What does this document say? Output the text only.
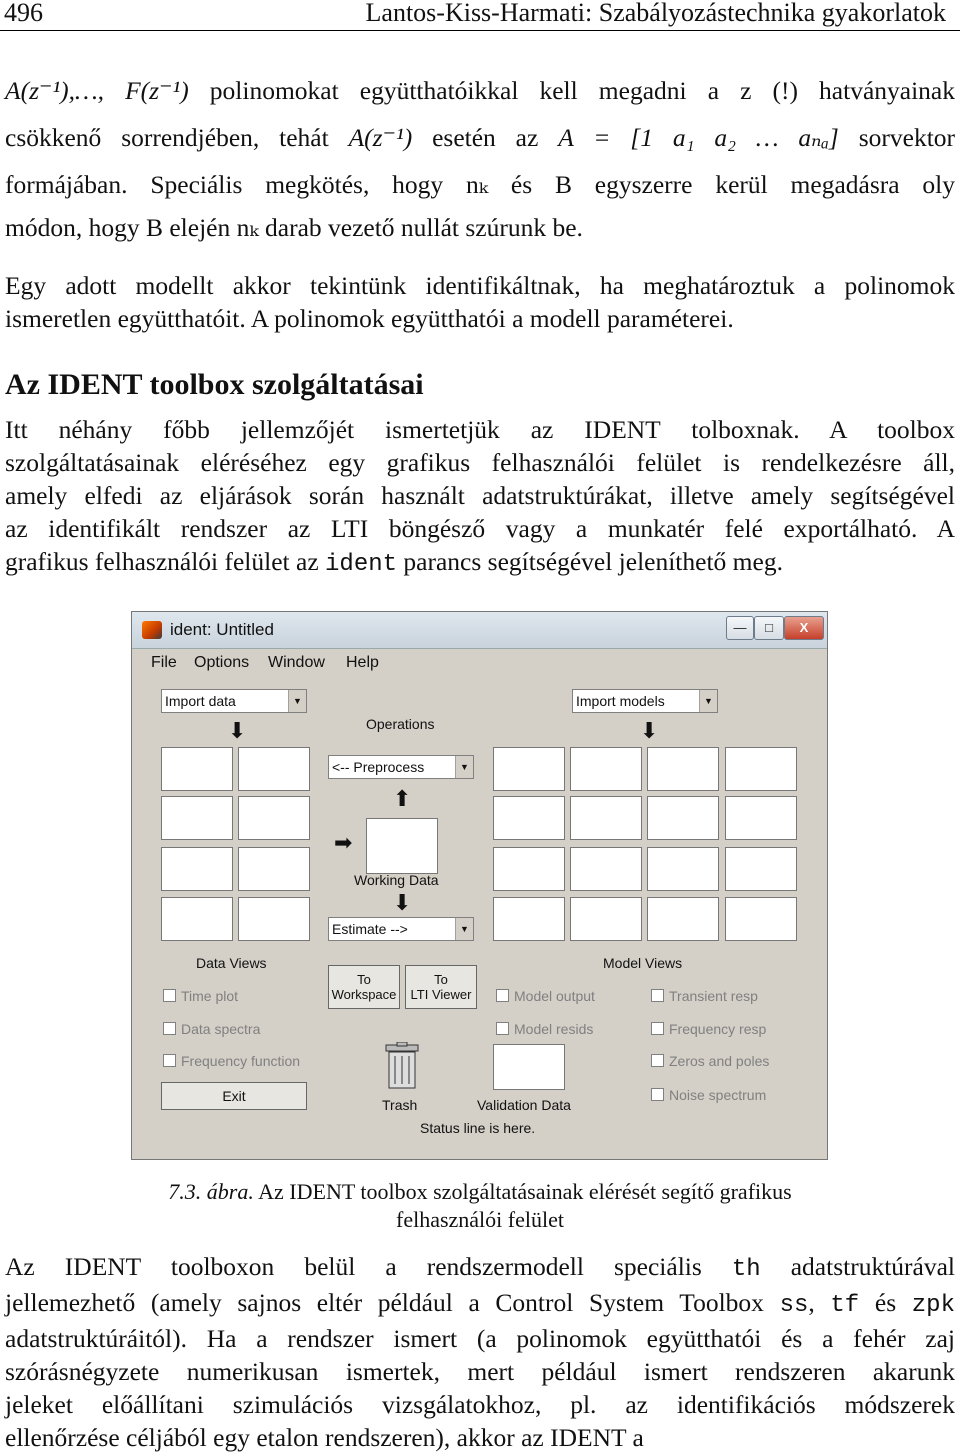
496	Lantos-Kiss-Harmati: Szabályozástechnika gyakorlatok
A(z⁻¹),…, F(z⁻¹) polinomokat együtthatóikkal kell megadni a z (!) hatványainak
csökkenő sorrendjében, tehát A(z⁻¹) esetén az A = [1 a₁ a₂ … aₙₐ] sorvektor
formájában. Speciális megkötés, hogy nₖ és B egyszerre kerül megadásra oly
módon, hogy B elején nₖ darab vezető nullát szúrunk be.
Egy adott modellt akkor tekintünk identifikáltnak, ha meghatároztuk a polinomok
ismeretlen együtthatóit. A polinomok együtthatói a modell paraméterei.
Az IDENT toolbox szolgáltatásai
Itt néhány főbb jellemzőjét ismertetjük az IDENT tolboxnak. A toolbox
szolgáltatásainak eléréséhez egy grafikus felhasználói felület is rendelkezésre áll,
amely elfedi az eljárások során használt adatstruktúrákat, illetve amely segítségével
az identifikált rendszer az LTI böngésző vagy a munkatér felé exportálható. A
grafikus felhasználói felület az ident parancs segítségével jeleníthető meg.
ident: Untitled	—	□	X
File Options Window Help
Import data	▼	Import models	▼
⬇	⬇
Operations
<-- Preprocess	▼
⬆
➡
Working Data
⬇
Estimate -->	▼
Data Views	Model Views
To
Workspace
To
LTI Viewer
Time plot
Data spectra
Frequency function
Model output
Model resids
Transient resp
Frequency resp
Zeros and poles
Noise spectrum
Exit
Trash	Validation Data
Status line is here.
7.3. ábra. Az IDENT toolbox szolgáltatásainak elérését segítő grafikus
felhasználói felület
Az IDENT toolboxon belül a rendszermodell speciális th adatstruktúrával
jellemezhető (amely sajnos eltér például a Control System Toolbox ss, tf és zpk
adatstruktúráitól). Ha a rendszer ismert (a polinomok együtthatói és a fehér zaj
szórásnégyzete numerikusan ismertek, mert például ismert rendszeren akarunk
jeleket előállítani szimulációs vizsgálatokhoz, pl. az identifikációs módszerek
ellenőrzése céljából egy etalon rendszeren), akkor az IDENT a
